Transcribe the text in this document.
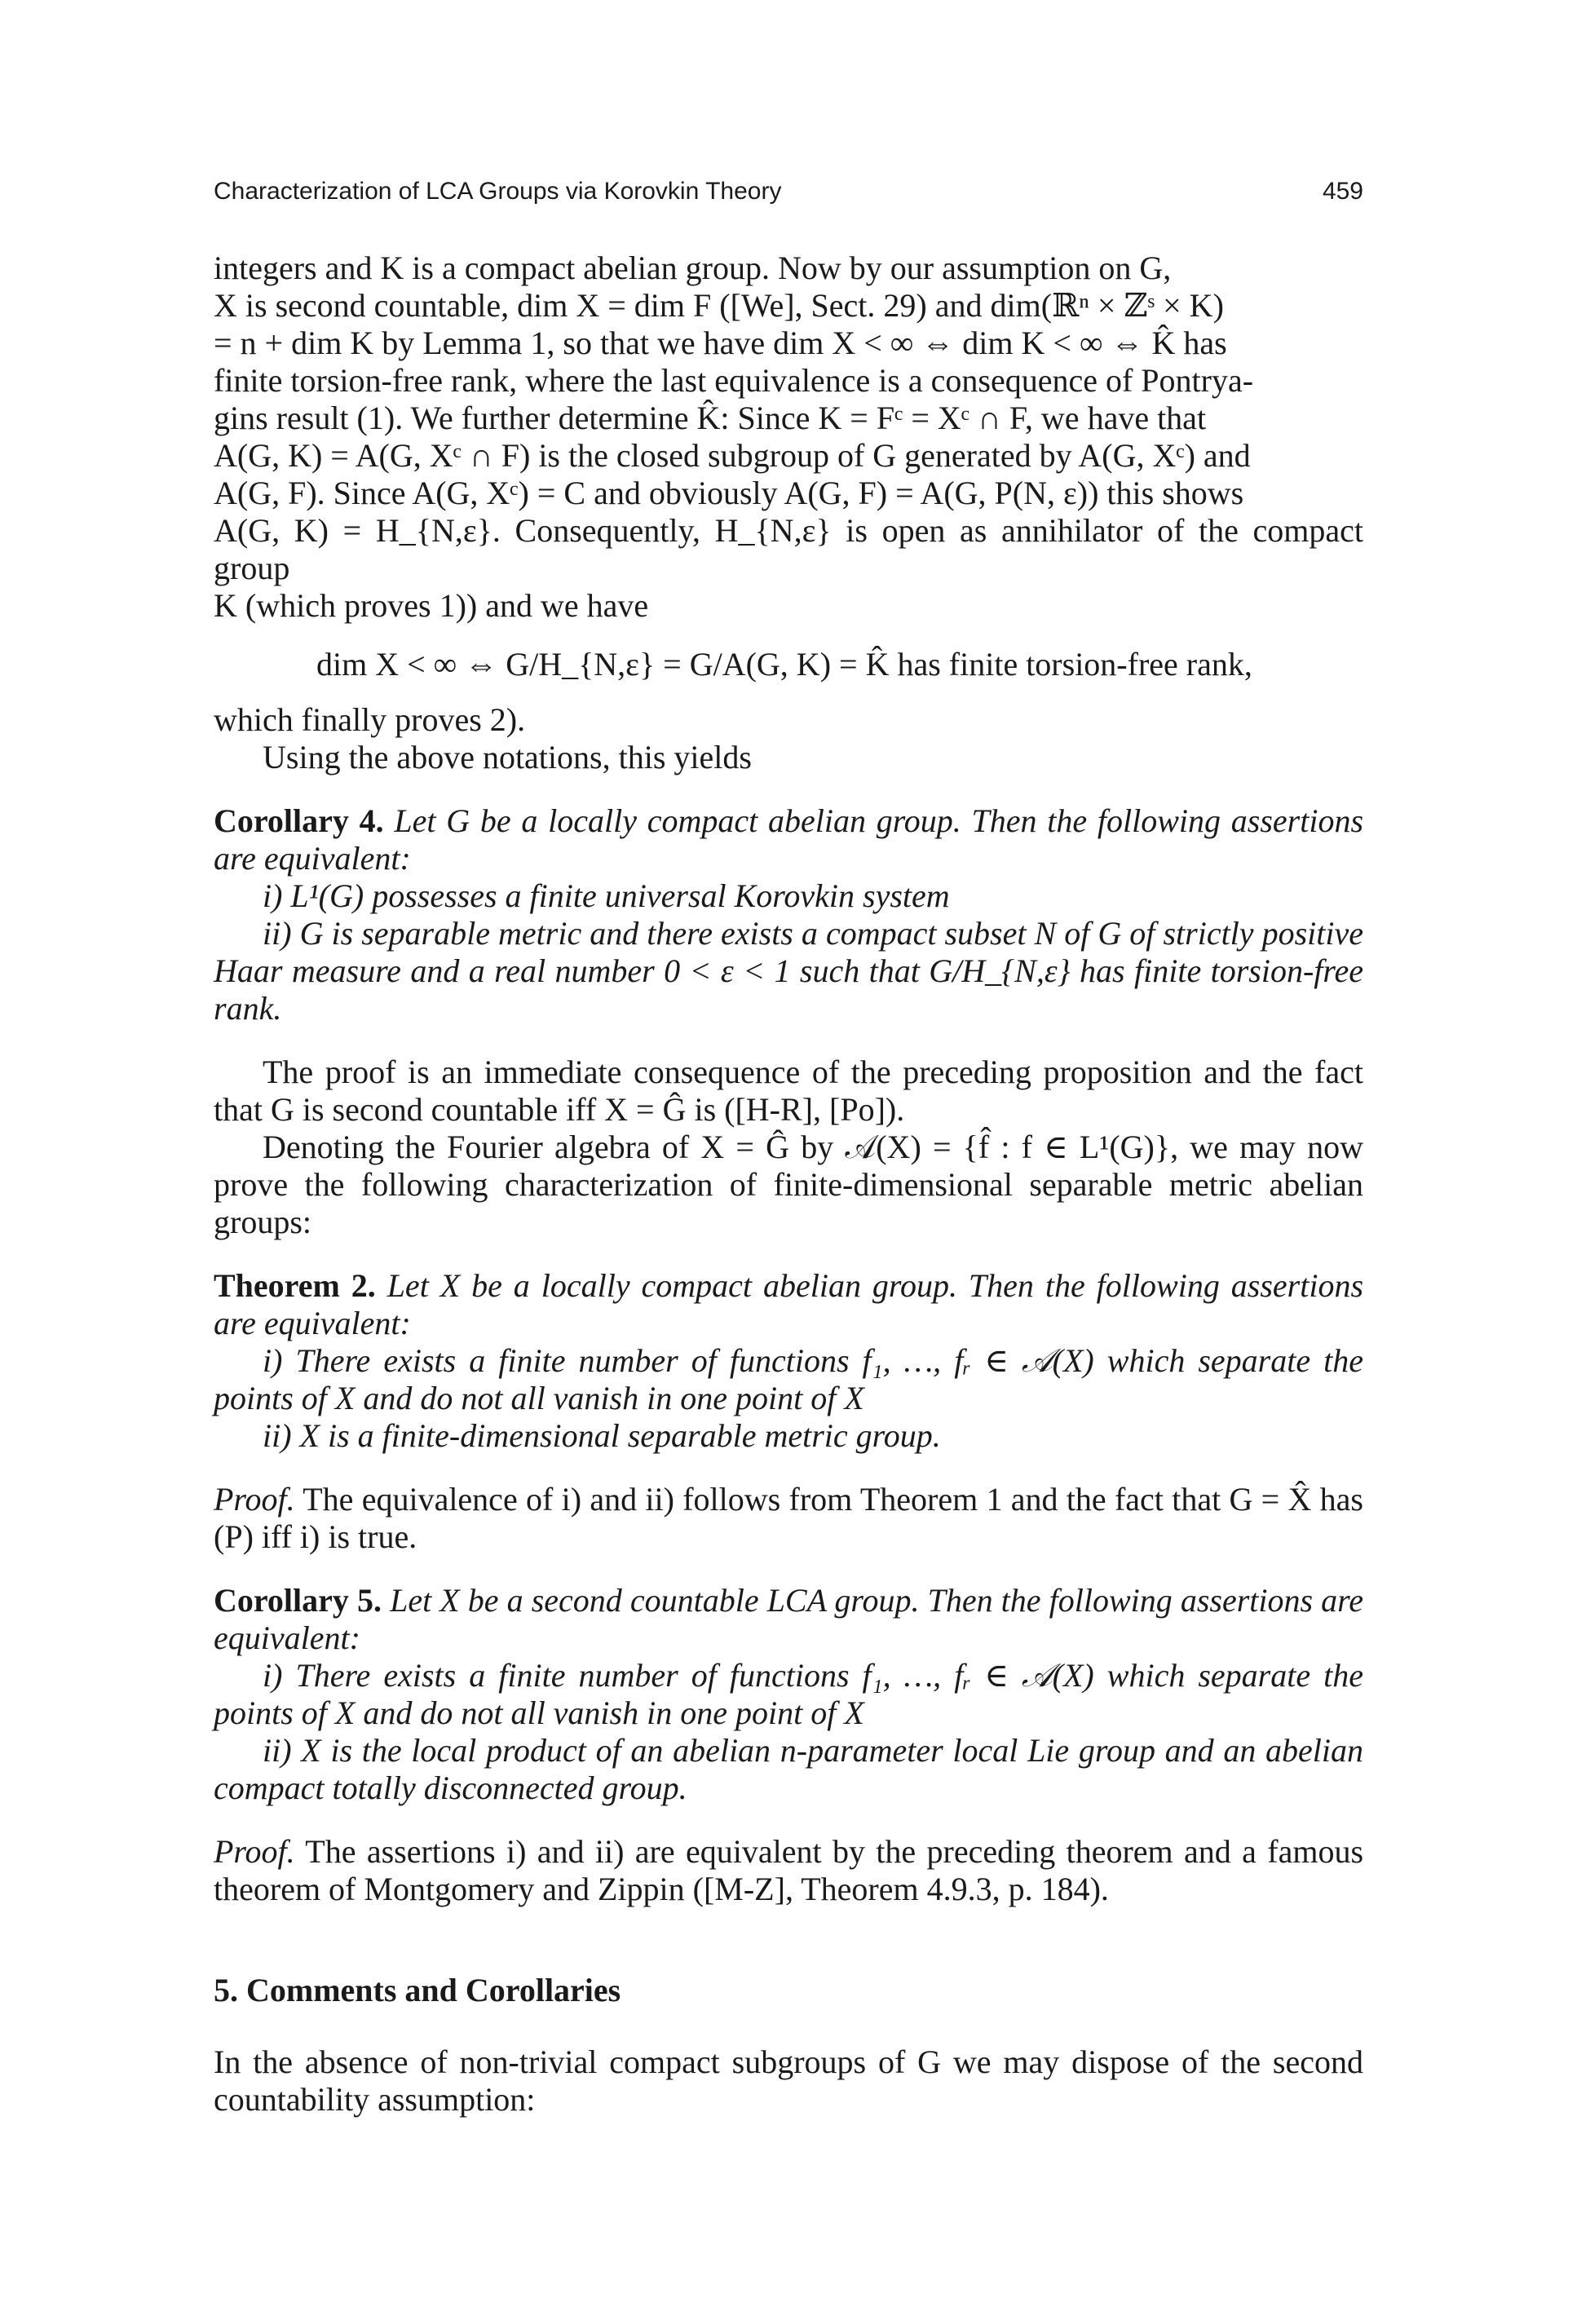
Characterization of LCA Groups via Korovkin Theory	459

integers and K is a compact abelian group. Now by our assumption on G,

X is second countable, dim X = dim F ([We], Sect. 29) and dim(ℝⁿ × ℤˢ × K)

= n + dim K by Lemma 1, so that we have dim X < ∞ ⇔ dim K < ∞ ⇔ K̂ has

finite torsion-free rank, where the last equivalence is a consequence of Pontrya-

gins result (1). We further determine K̂: Since K = Fᶜ = Xᶜ ∩ F, we have that

A(G, K) = A(G, Xᶜ ∩ F) is the closed subgroup of G generated by A(G, Xᶜ) and

A(G, F). Since A(G, Xᶜ) = C and obviously A(G, F) = A(G, P(N, ε)) this shows

A(G, K) = H_{N,ε}. Consequently, H_{N,ε} is open as annihilator of the compact group

K (which proves 1)) and we have

dim X < ∞ ⇔ G/H_{N,ε} = G/A(G, K) = K̂ has finite torsion-free rank,

which finally proves 2).

Using the above notations, this yields

Corollary 4. Let G be a locally compact abelian group. Then the following assertions are equivalent:

i) L¹(G) possesses a finite universal Korovkin system

ii) G is separable metric and there exists a compact subset N of G of strictly positive Haar measure and a real number 0 < ε < 1 such that G/H_{N,ε} has finite torsion-free rank.

The proof is an immediate consequence of the preceding proposition and the fact that G is second countable iff X = Ĝ is ([H-R], [Po]).

Denoting the Fourier algebra of X = Ĝ by 𝒜(X) = {f̂ : f ∈ L¹(G)}, we may now prove the following characterization of finite-dimensional separable metric abelian groups:

Theorem 2. Let X be a locally compact abelian group. Then the following assertions are equivalent:

i) There exists a finite number of functions f₁, …, fᵣ ∈ 𝒜(X) which separate the points of X and do not all vanish in one point of X

ii) X is a finite-dimensional separable metric group.

Proof. The equivalence of i) and ii) follows from Theorem 1 and the fact that G = X̂ has (P) iff i) is true.

Corollary 5. Let X be a second countable LCA group. Then the following assertions are equivalent:

i) There exists a finite number of functions f₁, …, fᵣ ∈ 𝒜(X) which separate the points of X and do not all vanish in one point of X

ii) X is the local product of an abelian n-parameter local Lie group and an abelian compact totally disconnected group.

Proof. The assertions i) and ii) are equivalent by the preceding theorem and a famous theorem of Montgomery and Zippin ([M-Z], Theorem 4.9.3, p. 184).

5. Comments and Corollaries

In the absence of non-trivial compact subgroups of G we may dispose of the second countability assumption:
